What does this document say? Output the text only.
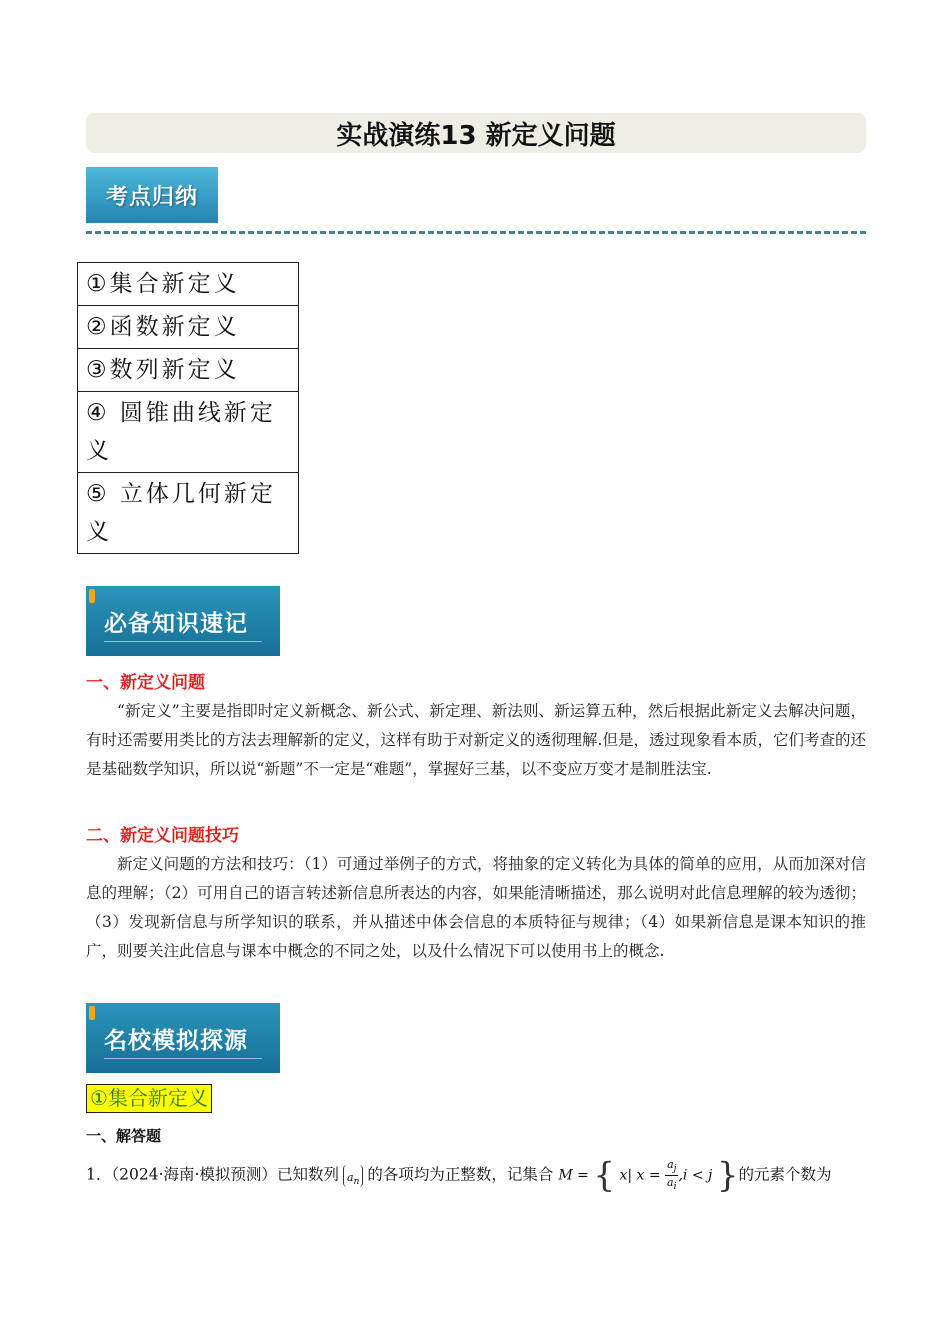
实战演练13 新定义问题
考点归纳
①集合新定义
②函数新定义
③数列新定义
④ 圆锥曲线新定义
⑤ 立体几何新定义
必备知识速记
一、新定义问题
“新定义”主要是指即时定义新概念、新公式、新定理、新法则、新运算五种，然后根据此新定义去解决问题，有时还需要用类比的方法去理解新的定义，这样有助于对新定义的透彻理解.但是，透过现象看本质，它们考查的还是基础数学知识，所以说“新题”不一定是“难题”，掌握好三基，以不变应万变才是制胜法宝.
二、新定义问题技巧
新定义问题的方法和技巧：（1）可通过举例子的方式，将抽象的定义转化为具体的简单的应用，从而加深对信息的理解；（2）可用自己的语言转述新信息所表达的内容，如果能清晰描述，那么说明对此信息理解的较为透彻；（3）发现新信息与所学知识的联系，并从描述中体会信息的本质特征与规律；（4）如果新信息是课本知识的推广，则要关注此信息与课本中概念的不同之处，以及什么情况下可以使用书上的概念.
名校模拟探源
①集合新定义
一、解答题
1．（2024·海南·模拟预测）已知数列 $a_n$ 的各项均为正整数，记集合 M = { x| $x = \frac{a_j}{a_i} ,i < j$ }的元素个数为
